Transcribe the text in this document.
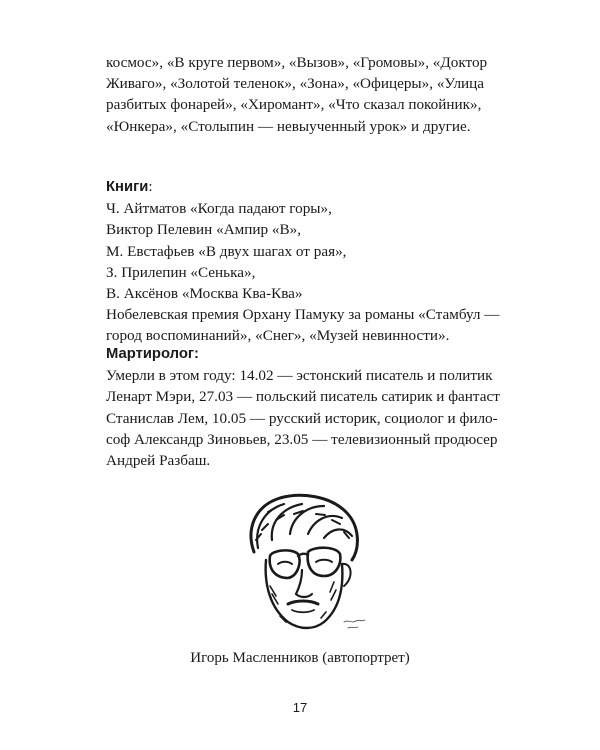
космос», «В круге первом», «Вызов», «Громовы», «Доктор
Живаго», «Золотой теленок», «Зона», «Офицеры», «Улица
разбитых фонарей», «Хиромант», «Что сказал покойник»,
«Юнкера», «Столыпин — невыученный урок» и другие.
Книги:
Ч. Айтматов «Когда падают горы»,
Виктор Пелевин «Ампир «В»,
М. Евстафьев «В двух шагах от рая»,
З. Прилепин «Сенька»,
В. Аксёнов «Москва Ква-Ква»
Нобелевская премия Орхану Памуку за романы «Стамбул —
город воспоминаний», «Снег», «Музей невинности».
Мартиролог:
Умерли в этом году: 14.02 — эстонский писатель и политик
Ленарт Мэри, 27.03 — польский писатель сатирик и фантаст
Станислав Лем, 10.05 — русский историк, социолог и фило-
соф Александр Зиновьев, 23.05 — телевизионный продюсер
Андрей Разбаш.
Игорь Масленников (автопортрет)
17
